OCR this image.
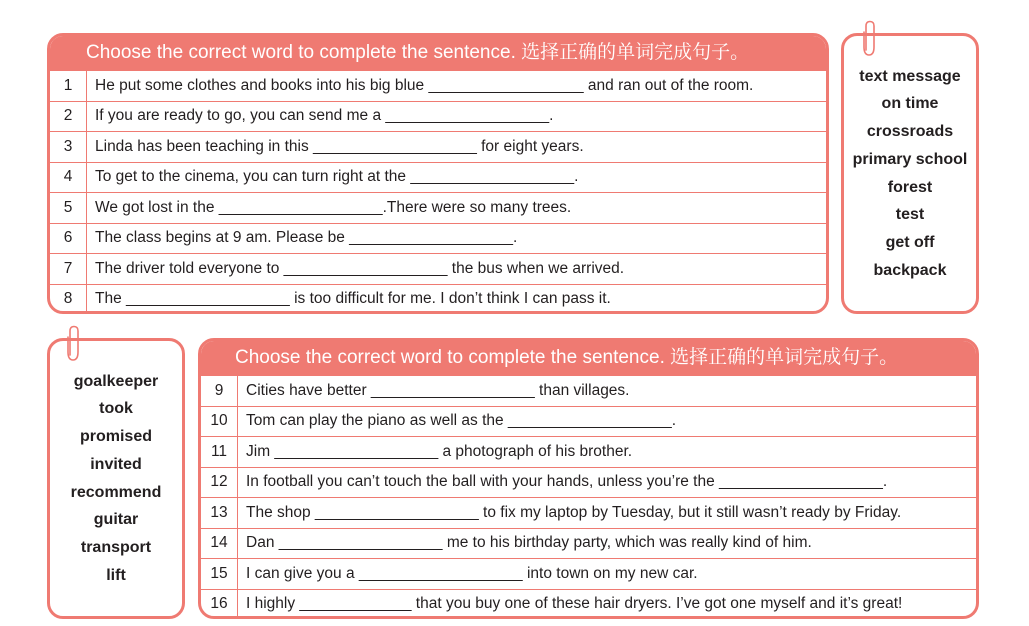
Choose the correct word to complete the sentence. 选择正确的单词完成句子。
1	He put some clothes and books into his big blue __________________ and ran out of the room.
2	If you are ready to go, you can send me a ___________________.
3	Linda has been teaching in this ___________________ for eight years.
4	To get to the cinema, you can turn right at the ___________________.
5	We got lost in the ___________________.There were so many trees.
6	The class begins at 9 am. Please be ___________________.
7	The driver told everyone to ___________________ the bus when we arrived.
8	The ___________________ is too difficult for me. I don’t think I can pass it.
text message
on time
crossroads
primary school
forest
test
get off
backpack
goalkeeper
took
promised
invited
recommend
guitar
transport
lift
Choose the correct word to complete the sentence. 选择正确的单词完成句子。
9	Cities have better ___________________ than villages.
10	Tom can play the piano as well as the ___________________.
11	Jim ___________________ a photograph of his brother.
12	In football you can’t touch the ball with your hands, unless you’re the ___________________.
13	The shop ___________________ to fix my laptop by Tuesday, but it still wasn’t ready by Friday.
14	Dan ___________________ me to his birthday party, which was really kind of him.
15	I can give you a ___________________ into town on my new car.
16	I highly _____________ that you buy one of these hair dryers. I’ve got one myself and it’s great!
